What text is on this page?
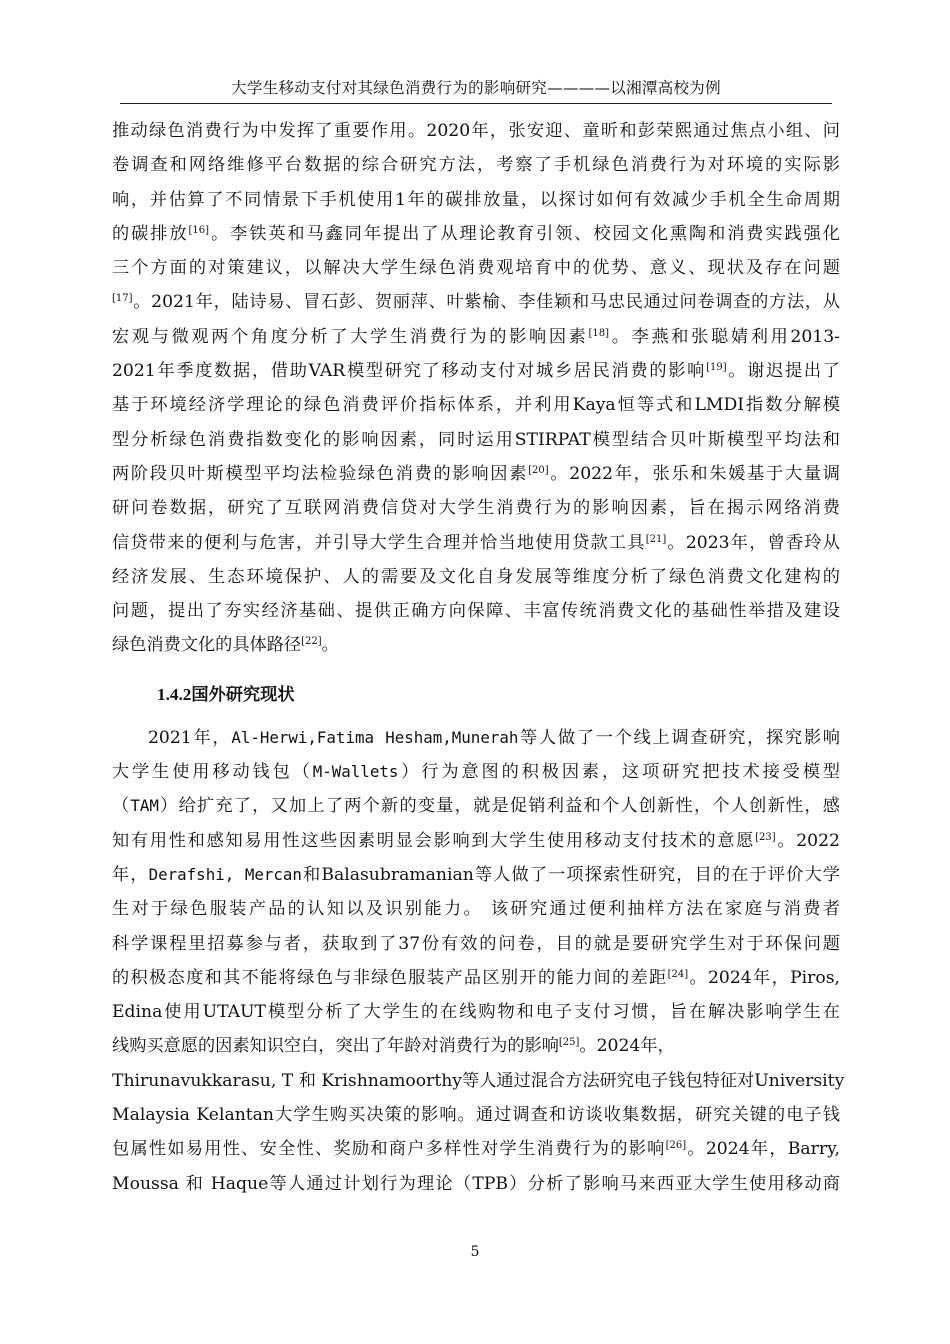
大学生移动支付对其绿色消费行为的影响研究————以湘潭高校为例
推动绿色消费行为中发挥了重要作用。2020年，张安迎、童昕和彭荣熙通过焦点小组、问
卷调查和网络维修平台数据的综合研究方法，考察了手机绿色消费行为对环境的实际影
响，并估算了不同情景下手机使用1年的碳排放量，以探讨如何有效减少手机全生命周期
的碳排放[16]。李铁英和马鑫同年提出了从理论教育引领、校园文化熏陶和消费实践强化
三个方面的对策建议，以解决大学生绿色消费观培育中的优势、意义、现状及存在问题
[17]。2021年，陆诗易、冒石彭、贺丽萍、叶紫榆、李佳颖和马忠民通过问卷调查的方法，从
宏观与微观两个角度分析了大学生消费行为的影响因素[18]。李燕和张聪婧利用2013-
2021年季度数据，借助VAR模型研究了移动支付对城乡居民消费的影响[19]。谢迟提出了
基于环境经济学理论的绿色消费评价指标体系，并利用Kaya恒等式和LMDI指数分解模
型分析绿色消费指数变化的影响因素，同时运用STIRPAT模型结合贝叶斯模型平均法和
两阶段贝叶斯模型平均法检验绿色消费的影响因素[20]。2022年，张乐和朱媛基于大量调
研问卷数据，研究了互联网消费信贷对大学生消费行为的影响因素，旨在揭示网络消费
信贷带来的便利与危害，并引导大学生合理并恰当地使用贷款工具[21]。2023年，曾香玲从
经济发展、生态环境保护、人的需要及文化自身发展等维度分析了绿色消费文化建构的
问题，提出了夯实经济基础、提供正确方向保障、丰富传统消费文化的基础性举措及建设
绿色消费文化的具体路径[22]。
1.4.2国外研究现状
2021年，Al-Herwi,Fatima Hesham,Munerah等人做了一个线上调查研究，探究影响
大学生使用移动钱包（M-Wallets）行为意图的积极因素，这项研究把技术接受模型
（TAM）给扩充了，又加上了两个新的变量，就是促销利益和个人创新性，个人创新性，感
知有用性和感知易用性这些因素明显会影响到大学生使用移动支付技术的意愿[23]。2022
年，Derafshi, Mercan和Balasubramanian等人做了一项探索性研究，目的在于评价大学
生对于绿色服装产品的认知以及识别能力。 该研究通过便利抽样方法在家庭与消费者
科学课程里招募参与者，获取到了37份有效的问卷，目的就是要研究学生对于环保问题
的积极态度和其不能将绿色与非绿色服装产品区别开的能力间的差距[24]。2024年，Piros,
Edina使用UTAUT模型分析了大学生的在线购物和电子支付习惯，旨在解决影响学生在
线购买意愿的因素知识空白，突出了年龄对消费行为的影响[25]。2024年，
Thirunavukkarasu, T 和 Krishnamoorthy等人通过混合方法研究电子钱包特征对University
Malaysia Kelantan大学生购买决策的影响。通过调查和访谈收集数据，研究关键的电子钱
包属性如易用性、安全性、奖励和商户多样性对学生消费行为的影响[26]。2024年，Barry,
Moussa 和 Haque等人通过计划行为理论（TPB）分析了影响马来西亚大学生使用移动商
5
